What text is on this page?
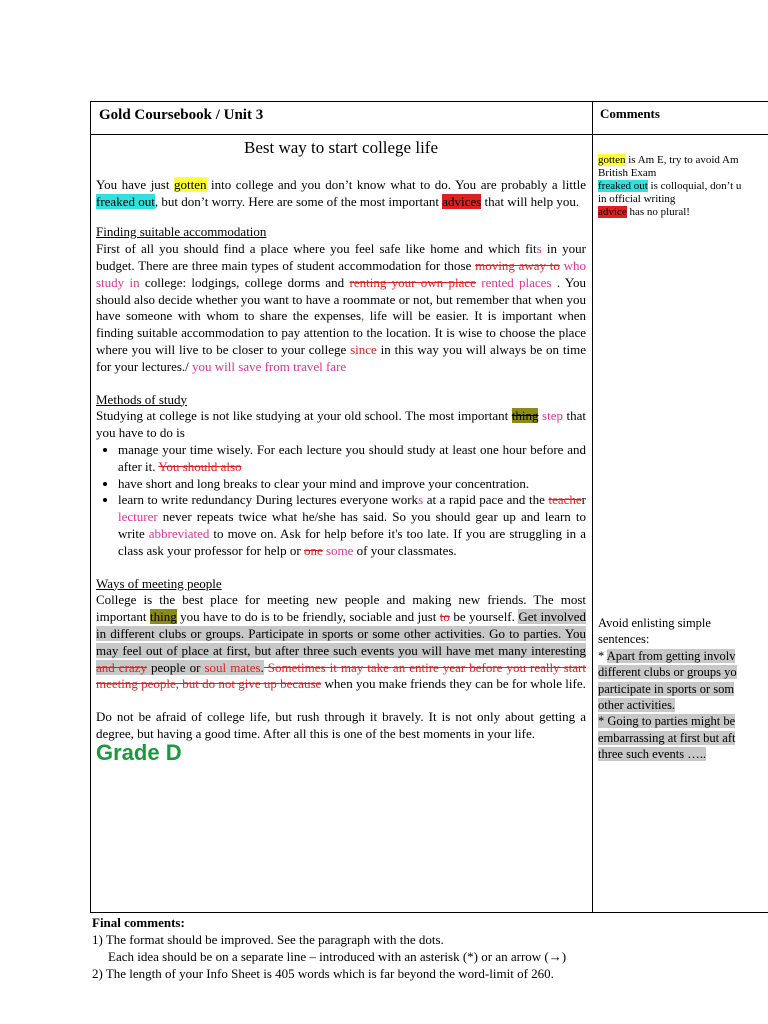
Gold Coursebook / Unit 3	Comments
Best way to start college life

You have just gotten into college and you don’t know what to do. You are probably a little freaked out, but don’t worry. Here are some of the most important advices that will help you.

Finding suitable accommodation

First of all you should find a place where you feel safe like home and which fits in your budget. There are three main types of student accommodation for those moving away to who study in college: lodgings, college dorms and renting your own place rented places . You should also decide whether you want to have a roommate or not, but remember that when you have someone with whom to share the expenses, life will be easier. It is important when finding suitable accommodation to pay attention to the location. It is wise to choose the place where you will live to be closer to your college since in this way you will always be on time for your lectures./ you will save from travel fare

Methods of study

Studying at college is not like studying at your old school. The most important thing step that you have to do is

• manage your time wisely. For each lecture you should study at least one hour before and after it. You should also
• have short and long breaks to clear your mind and improve your concentration.
• learn to write redundancy During lectures everyone works at a rapid pace and the teacher lecturer never repeats twice what he/she has said. So you should gear up and learn to write abbreviated to move on. Ask for help before it's too late. If you are struggling in a class ask your professor for help or one some of your classmates.
Ways of meeting people

College is the best place for meeting new people and making new friends. The most important thing you have to do is to be friendly, sociable and just to be yourself. Get involved in different clubs or groups. Participate in sports or some other activities. Go to parties. You may feel out of place at first, but after three such events you will have met many interesting and crazy people or soul mates. Sometimes it may take an entire year before you really start meeting people, but do not give up because when you make friends they can be for whole life.

Do not be afraid of college life, but rush through it bravely. It is not only about getting a degree, but having a good time. After all this is one of the best moments in your life.

Grade D
gotten is Am E, try to avoid Am
British Exam
freaked out is colloquial, don’t u
in official writing
advice has no plural!
Avoid enlisting simple
sentences:
* Apart from getting involv
different clubs or groups yo
participate in sports or som
other activities.
* Going to parties might be
embarrassing at first but aft
three such events …..
Final comments:
1) The format should be improved. See the paragraph with the dots.
Each idea should be on a separate line – introduced with an asterisk (*) or an arrow (→)
2) The length of your Info Sheet is 405 words which is far beyond the word-limit of 260.
